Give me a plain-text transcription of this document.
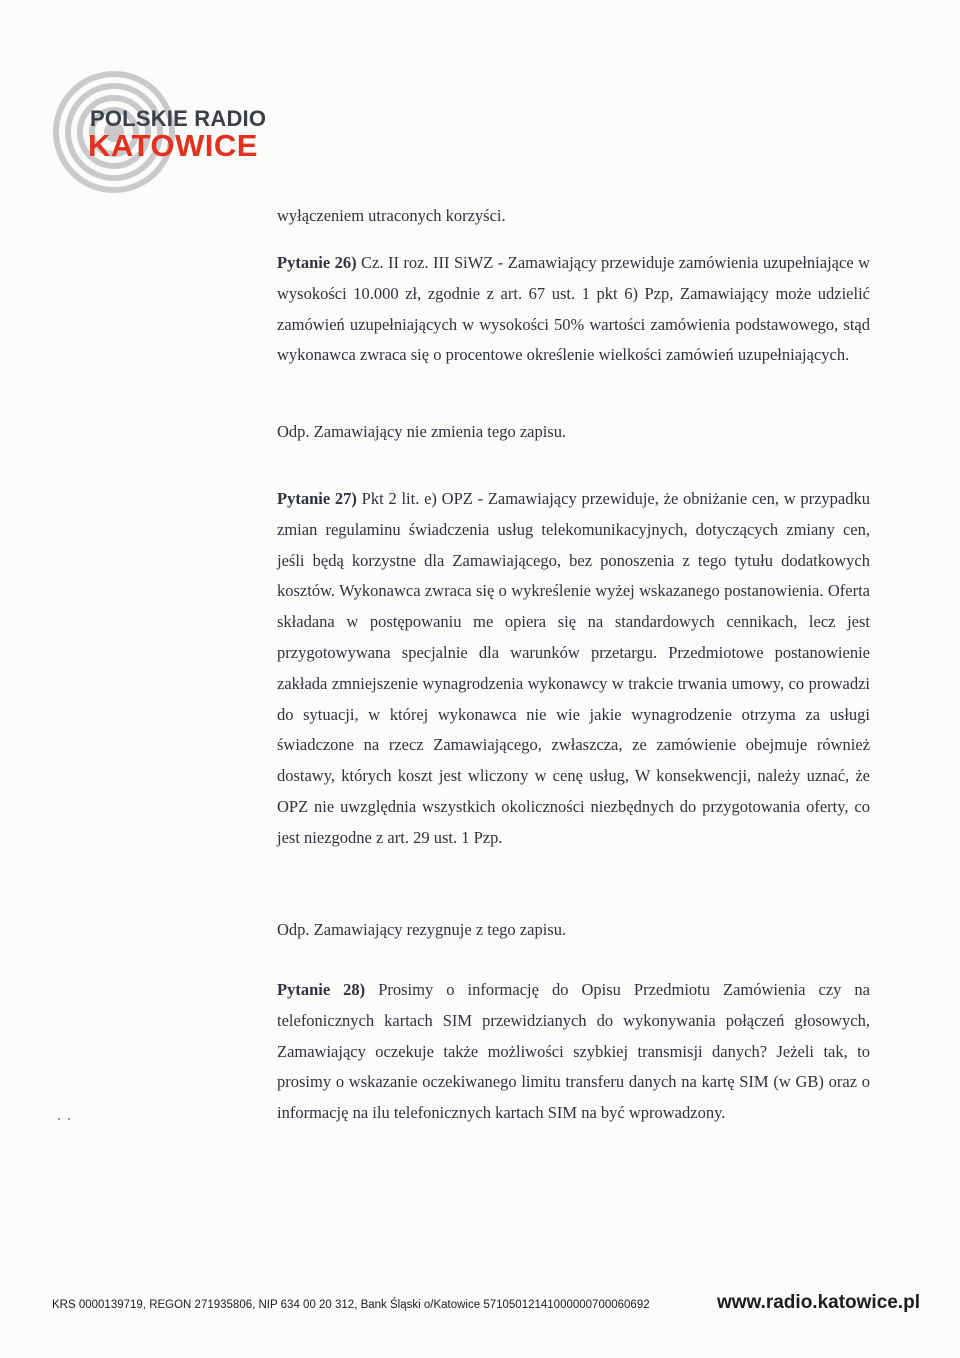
POLSKIE RADIO
KATOWICE

wyłączeniem utraconych korzyści.

Pytanie 26) Cz. II roz. III SiWZ - Zamawiający przewiduje zamówienia uzupełniające w wysokości 10.000 zł, zgodnie z art. 67 ust. 1 pkt 6) Pzp, Zamawiający może udzielić zamówień uzupełniających w wysokości 50% wartości zamówienia podstawowego, stąd wykonawca zwraca się o procentowe określenie wielkości zamówień uzupełniających.

Odp. Zamawiający nie zmienia tego zapisu.

Pytanie 27) Pkt 2 lit. e) OPZ - Zamawiający przewiduje, że obniżanie cen, w przypadku zmian regulaminu świadczenia usług telekomunikacyjnych, dotyczących zmiany cen, jeśli będą korzystne dla Zamawiającego, bez ponoszenia z tego tytułu dodatkowych kosztów. Wykonawca zwraca się o wykreślenie wyżej wskazanego postanowienia. Oferta składana w postępowaniu me opiera się na standardowych cennikach, lecz jest przygotowywana specjalnie dla warunków przetargu. Przedmiotowe postanowienie zakłada zmniejszenie wynagrodzenia wykonawcy w trakcie trwania umowy, co prowadzi do sytuacji, w której wykonawca nie wie jakie wynagrodzenie otrzyma za usługi świadczone na rzecz Zamawiającego, zwłaszcza, ze zamówienie obejmuje również dostawy, których koszt jest wliczony w cenę usług, W konsekwencji, należy uznać, że OPZ nie uwzględnia wszystkich okoliczności niezbędnych do przygotowania oferty, co jest niezgodne z art. 29 ust. 1 Pzp.

Odp. Zamawiający rezygnuje z tego zapisu.

Pytanie 28) Prosimy o informację do Opisu Przedmiotu Zamówienia czy na telefonicznych kartach SIM przewidzianych do wykonywania połączeń głosowych, Zamawiający oczekuje także możliwości szybkiej transmisji danych? Jeżeli tak, to prosimy o wskazanie oczekiwanego limitu transferu danych na kartę SIM (w GB) oraz o informację na ilu telefonicznych kartach SIM na być wprowadzony.

KRS 0000139719, REGON 271935806, NIP 634 00 20 312, Bank Śląski o/Katowice 57105012141000000700060692	www.radio.katowice.pl
